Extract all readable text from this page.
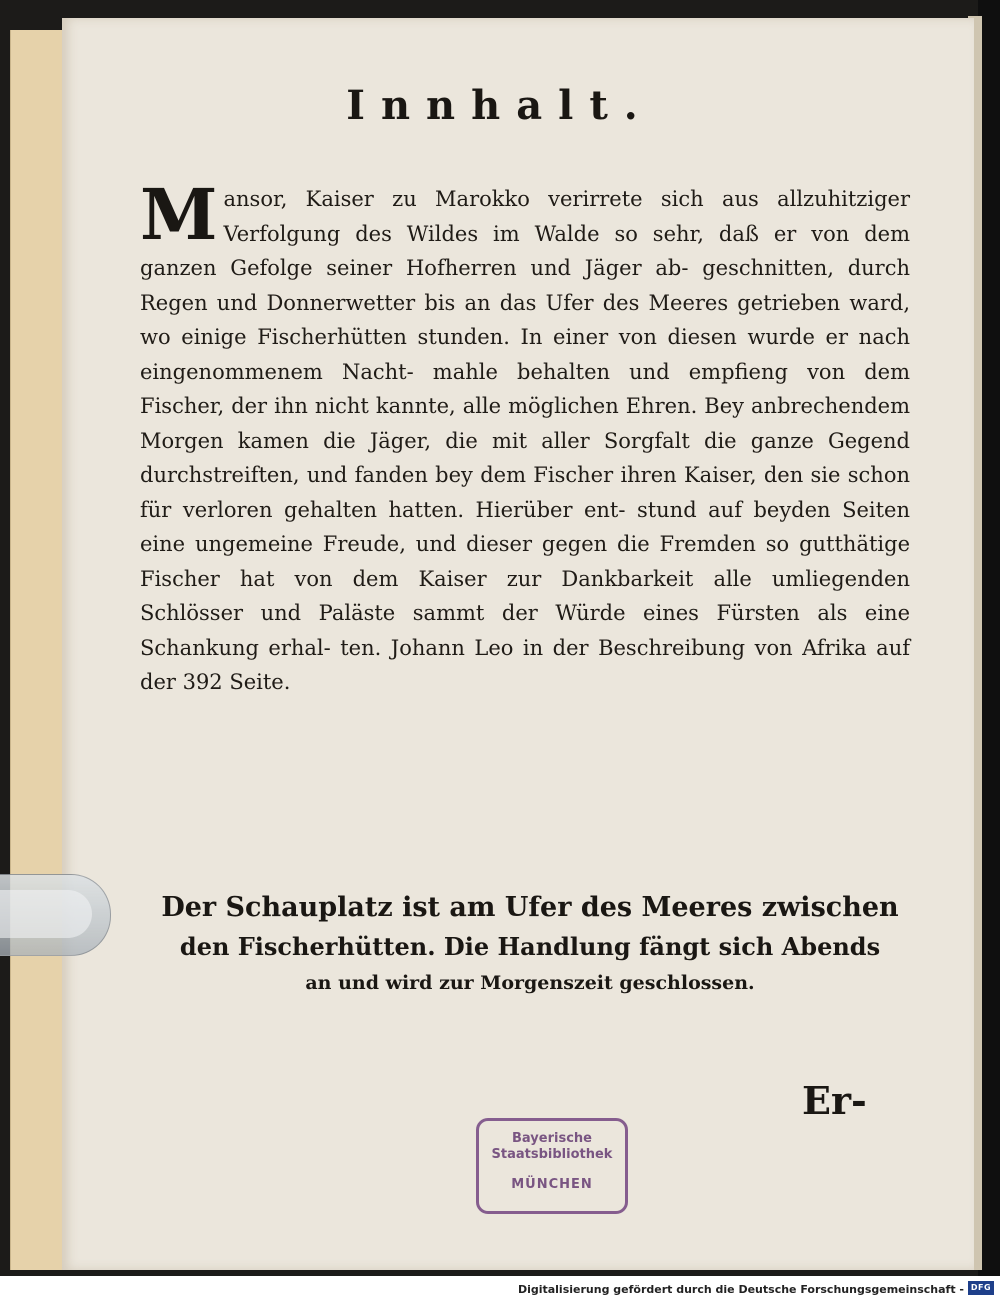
Innhalt.

Mansor, Kaiser zu Marokko verirrete sich aus allzuhitziger Verfolgung des Wildes im Walde so sehr, daß er von dem ganzen Gefolge seiner Hofherren und Jäger ab- geschnitten, durch Regen und Donnerwetter bis an das Ufer des Meeres getrieben ward, wo einige Fischerhütten stunden. In einer von diesen wurde er nach eingenommenem Nacht- mahle behalten und empfieng von dem Fischer, der ihn nicht kannte, alle möglichen Ehren. Bey anbrechendem Morgen kamen die Jäger, die mit aller Sorgfalt die ganze Gegend durchstreiften, und fanden bey dem Fischer ihren Kaiser, den sie schon für verloren gehalten hatten. Hierüber ent- stund auf beyden Seiten eine ungemeine Freude, und dieser gegen die Fremden so gutthätige Fischer hat von dem Kaiser zur Dankbarkeit alle umliegenden Schlösser und Paläste sammt der Würde eines Fürsten als eine Schankung erhal- ten. Johann Leo in der Beschreibung von Afrika auf der 392 Seite.

Der Schauplatz ist am Ufer des Meeres zwischen
den Fischerhütten. Die Handlung fängt sich Abends
an und wird zur Morgenszeit geschlossen.

Er-
Bayerische
Staatsbibliothek
MÜNCHEN
Digitalisierung gefördert durch die Deutsche Forschungsgemeinschaft - DFG
